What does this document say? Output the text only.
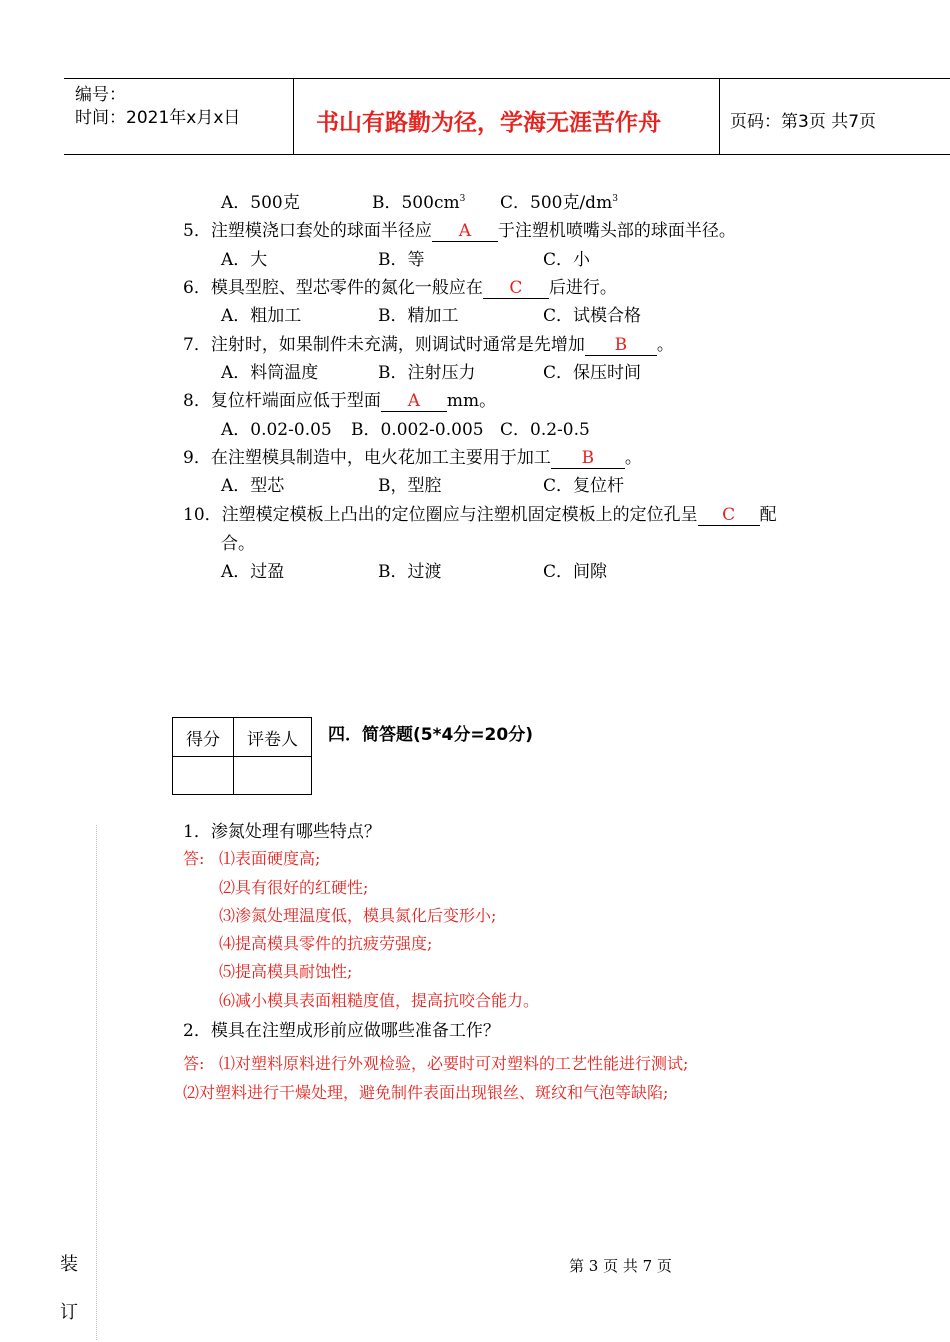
编号：
时间：2021年x月x日	书山有路勤为径，学海无涯苦作舟	页码：第3页 共7页
A．500克	B．$500cm^3$ C．500克$/dm^3$
5．注塑模浇口套处的球面半径应 A 于注塑机喷嘴头部的球面半径。
A．大	B．等	C．小
6．模具型腔、型芯零件的氮化一般应在 C 后进行。
A．粗加工	B．精加工	C．试模合格
7．注射时，如果制件未充满，则调试时通常是先增加 B 。
A．料筒温度	B．注射压力	C．保压时间
8．复位杆端面应低于型面 A mm。
A．0.02-0.05 B．0.002-0.005 C．0.2-0.5
9．在注塑模具制造中，电火花加工主要用于加工 B 。
A．型芯	B，型腔	C．复位杆
10．注塑模定模板上凸出的定位圈应与注塑机固定模板上的定位孔呈 C 配
合。
A．过盈	B．过渡	C．间隙
得分	评卷人	四．简答题(5*4分=20分)
1．渗氮处理有哪些特点？
答: ⑴表面硬度高;
⑵具有很好的红硬性;
⑶渗氮处理温度低，模具氮化后变形小;
⑷提高模具零件的抗疲劳强度;
⑸提高模具耐蚀性;
⑹减小模具表面粗糙度值，提高抗咬合能力。
2．模具在注塑成形前应做哪些准备工作？
答: ⑴对塑料原料进行外观检验，必要时可对塑料的工艺性能进行测试;
⑵对塑料进行干燥处理，避免制件表面出现银丝、斑纹和气泡等缺陷;
装
订
第 3 页 共 7 页
